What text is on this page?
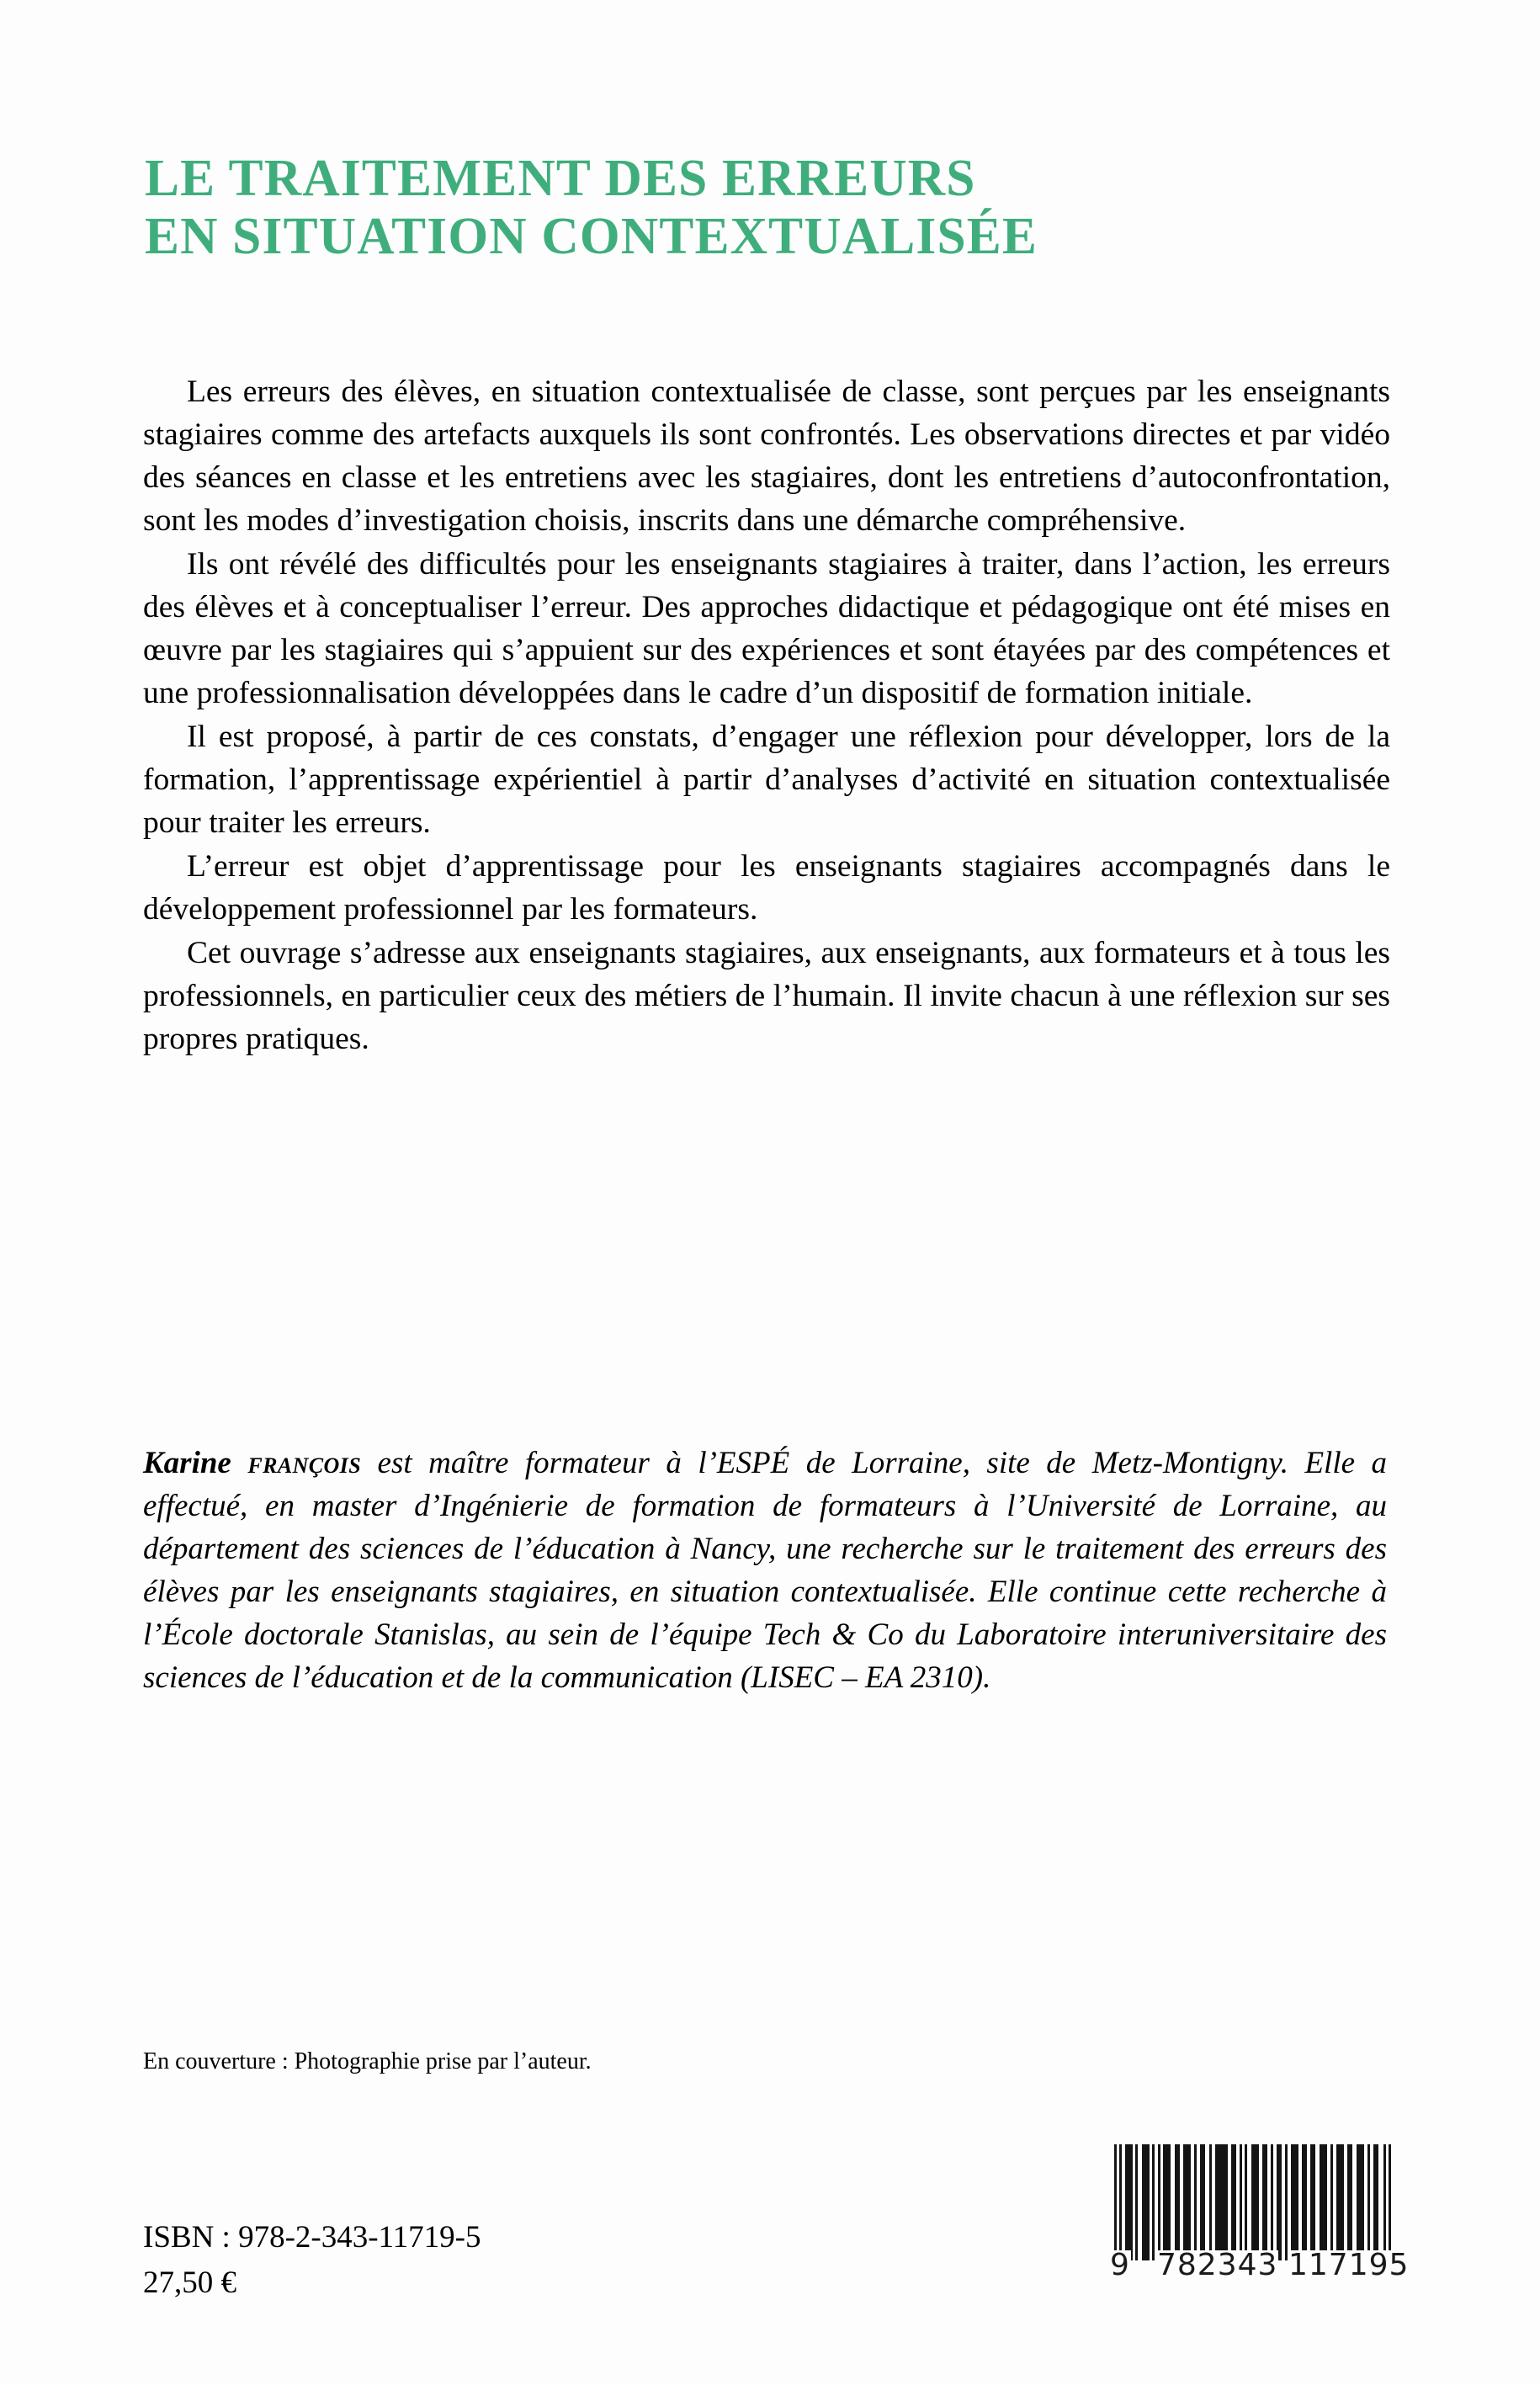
LE TRAITEMENT DES ERREURS
EN SITUATION CONTEXTUALISÉE

Les erreurs des élèves, en situation contextualisée de classe, sont perçues par les enseignants stagiaires comme des artefacts auxquels ils sont confrontés. Les observations directes et par vidéo des séances en classe et les entretiens avec les stagiaires, dont les entretiens d’autoconfrontation, sont les modes d’investigation choisis, inscrits dans une démarche compréhensive.

Ils ont révélé des difficultés pour les enseignants stagiaires à traiter, dans l’action, les erreurs des élèves et à conceptualiser l’erreur. Des approches didactique et pédagogique ont été mises en œuvre par les stagiaires qui s’appuient sur des expériences et sont étayées par des compétences et une professionnalisation développées dans le cadre d’un dispositif de formation initiale.

Il est proposé, à partir de ces constats, d’engager une réflexion pour développer, lors de la formation, l’apprentissage expérientiel à partir d’analyses d’activité en situation contextualisée pour traiter les erreurs.

L’erreur est objet d’apprentissage pour les enseignants stagiaires accompagnés dans le développement professionnel par les formateurs.

Cet ouvrage s’adresse aux enseignants stagiaires, aux enseignants, aux formateurs et à tous les professionnels, en particulier ceux des métiers de l’humain. Il invite chacun à une réflexion sur ses propres pratiques.

Karine françois est maître formateur à l’ESPÉ de Lorraine, site de Metz-Montigny. Elle a effectué, en master d’Ingénierie de formation de formateurs à l’Université de Lorraine, au département des sciences de l’éducation à Nancy, une recherche sur le traitement des erreurs des élèves par les enseignants stagiaires, en situation contextualisée. Elle continue cette recherche à l’École doctorale Stanislas, au sein de l’équipe Tech & Co du Laboratoire interuniversitaire des sciences de l’éducation et de la communication (LISEC – EA 2310).

En couverture : Photographie prise par l’auteur.
ISBN : 978-2-343-11719-5
27,50 €
9 782343 117195
